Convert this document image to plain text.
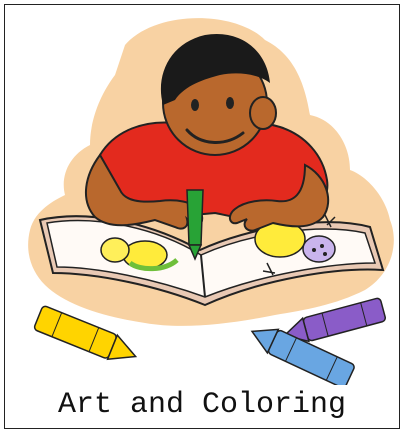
Art and Coloring
